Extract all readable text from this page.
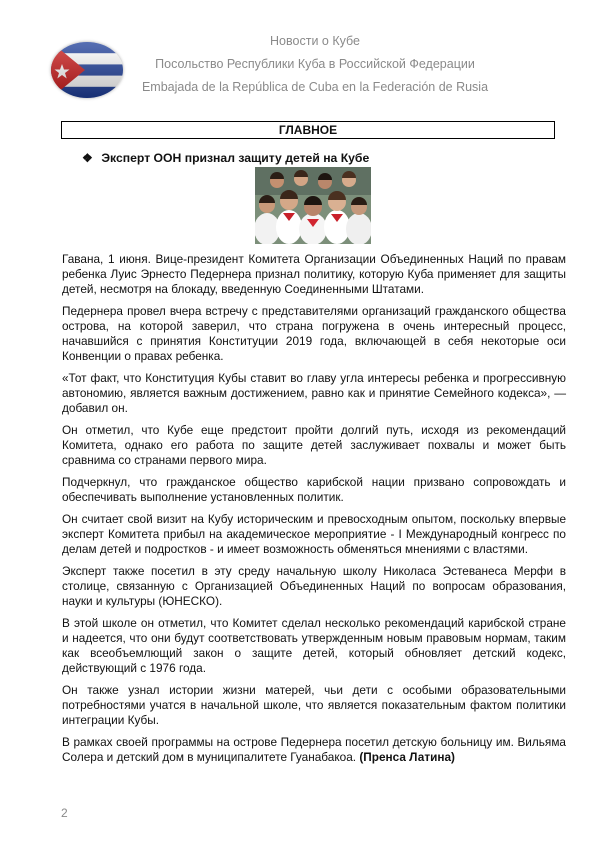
Новости о Кубе
Посольство Республики Куба в Российской Федерации
Embajada de la República de Cuba en la Federación de Rusia
ГЛАВНОЕ
❖ Эксперт ООН признал защиту детей на Кубе

Гавана, 1 июня. Вице-президент Комитета Организации Объединенных Наций по правам ребенка Луис Эрнесто Педернера признал политику, которую Куба применяет для защиты детей, несмотря на блокаду, введенную Соединенными Штатами.

Педернера провел вчера встречу с представителями организаций гражданского общества острова, на которой заверил, что страна погружена в очень интересный процесс, начавшийся с принятия Конституции 2019 года, включающей в себя некоторые оси Конвенции о правах ребенка.

«Тот факт, что Конституция Кубы ставит во главу угла интересы ребенка и прогрессивную автономию, является важным достижением, равно как и принятие Семейного кодекса», — добавил он.

Он отметил, что Кубе еще предстоит пройти долгий путь, исходя из рекомендаций Комитета, однако его работа по защите детей заслуживает похвалы и может быть сравнима со странами первого мира.

Подчеркнул, что гражданское общество карибской нации призвано сопровождать и обеспечивать выполнение установленных политик.

Он считает свой визит на Кубу историческим и превосходным опытом, поскольку впервые эксперт Комитета прибыл на академическое мероприятие - I Международный конгресс по делам детей и подростков - и имеет возможность обменяться мнениями с властями.

Эксперт также посетил в эту среду начальную школу Николаса Эстеванеса Мерфи в столице, связанную с Организацией Объединенных Наций по вопросам образования, науки и культуры (ЮНЕСКО).

В этой школе он отметил, что Комитет сделал несколько рекомендаций карибской стране и надеется, что они будут соответствовать утвержденным новым правовым нормам, таким как всеобъемлющий закон о защите детей, который обновляет детский кодекс, действующий с 1976 года.

Он также узнал истории жизни матерей, чьи дети с особыми образовательными потребностями учатся в начальной школе, что является показательным фактом политики интеграции Кубы.

В рамках своей программы на острове Педернера посетил детскую больницу им. Вильяма Солера и детский дом в муниципалитете Гуанабакоа. (Пренса Латина)

2
